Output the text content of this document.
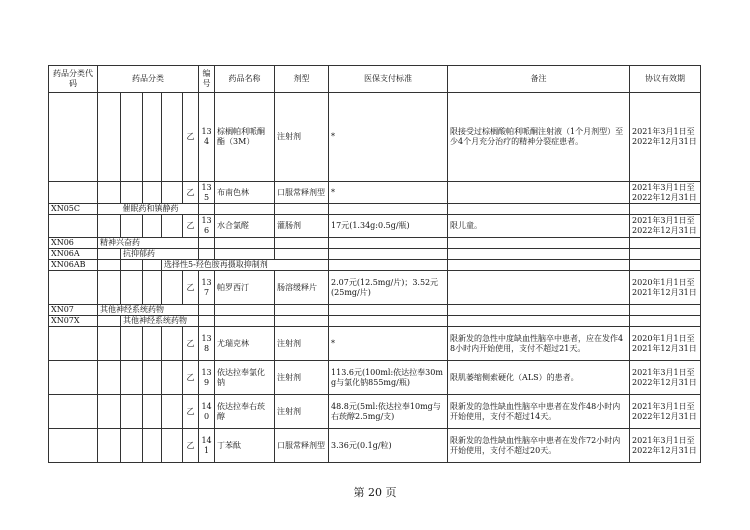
药品分类代码	药品分类					编号	药品名称	剂型	医保支付标准	备注	协议有效期
					乙	134	棕榈帕利哌酮酯（3M）	注射剂	*	限接受过棕榈酸帕利哌酮注射液（1个月剂型）至少4个月充分治疗的精神分裂症患者。	2021年3月1日至2022年12月31日
					乙	135	布南色林	口服常释剂型	*		2021年3月1日至2022年12月31日
XN05C		催眠药和镇静药									
					乙	136	水合氯醛	灌肠剂	17元(1.34g:0.5g/瓶)	限儿童。	2021年3月1日至2022年12月31日
XN06	精神兴奋药										
XN06A		抗抑郁药									
XN06AB				选择性5-羟色胺再摄取抑制剂							
					乙	137	帕罗西汀	肠溶缓释片	2.07元(12.5mg/片)；3.52元(25mg/片)		2020年1月1日至2021年12月31日
XN07	其他神经系统药物										
XN07X		其他神经系统药物									
					乙	138	尤瑞克林	注射剂	*	限新发的急性中度缺血性脑卒中患者，应在发作48小时内开始使用，支付不超过21天。	2020年1月1日至2021年12月31日
					乙	139	依达拉奉氯化钠	注射剂	113.6元(100ml:依达拉奉30mg与氯化钠855mg/瓶)	限肌萎缩侧索硬化（ALS）的患者。	2021年3月1日至2022年12月31日
					乙	140	依达拉奉右莰醇	注射剂	48.8元(5ml:依达拉奉10mg与右莰醇2.5mg/支)	限新发的急性缺血性脑卒中患者在发作48小时内开始使用，支付不超过14天。	2021年3月1日至2022年12月31日
					乙	141	丁苯酞	口服常释剂型	3.36元(0.1g/粒)	限新发的急性缺血性脑卒中患者在发作72小时内开始使用，支付不超过20天。	2021年3月1日至2022年12月31日
第 20 页
